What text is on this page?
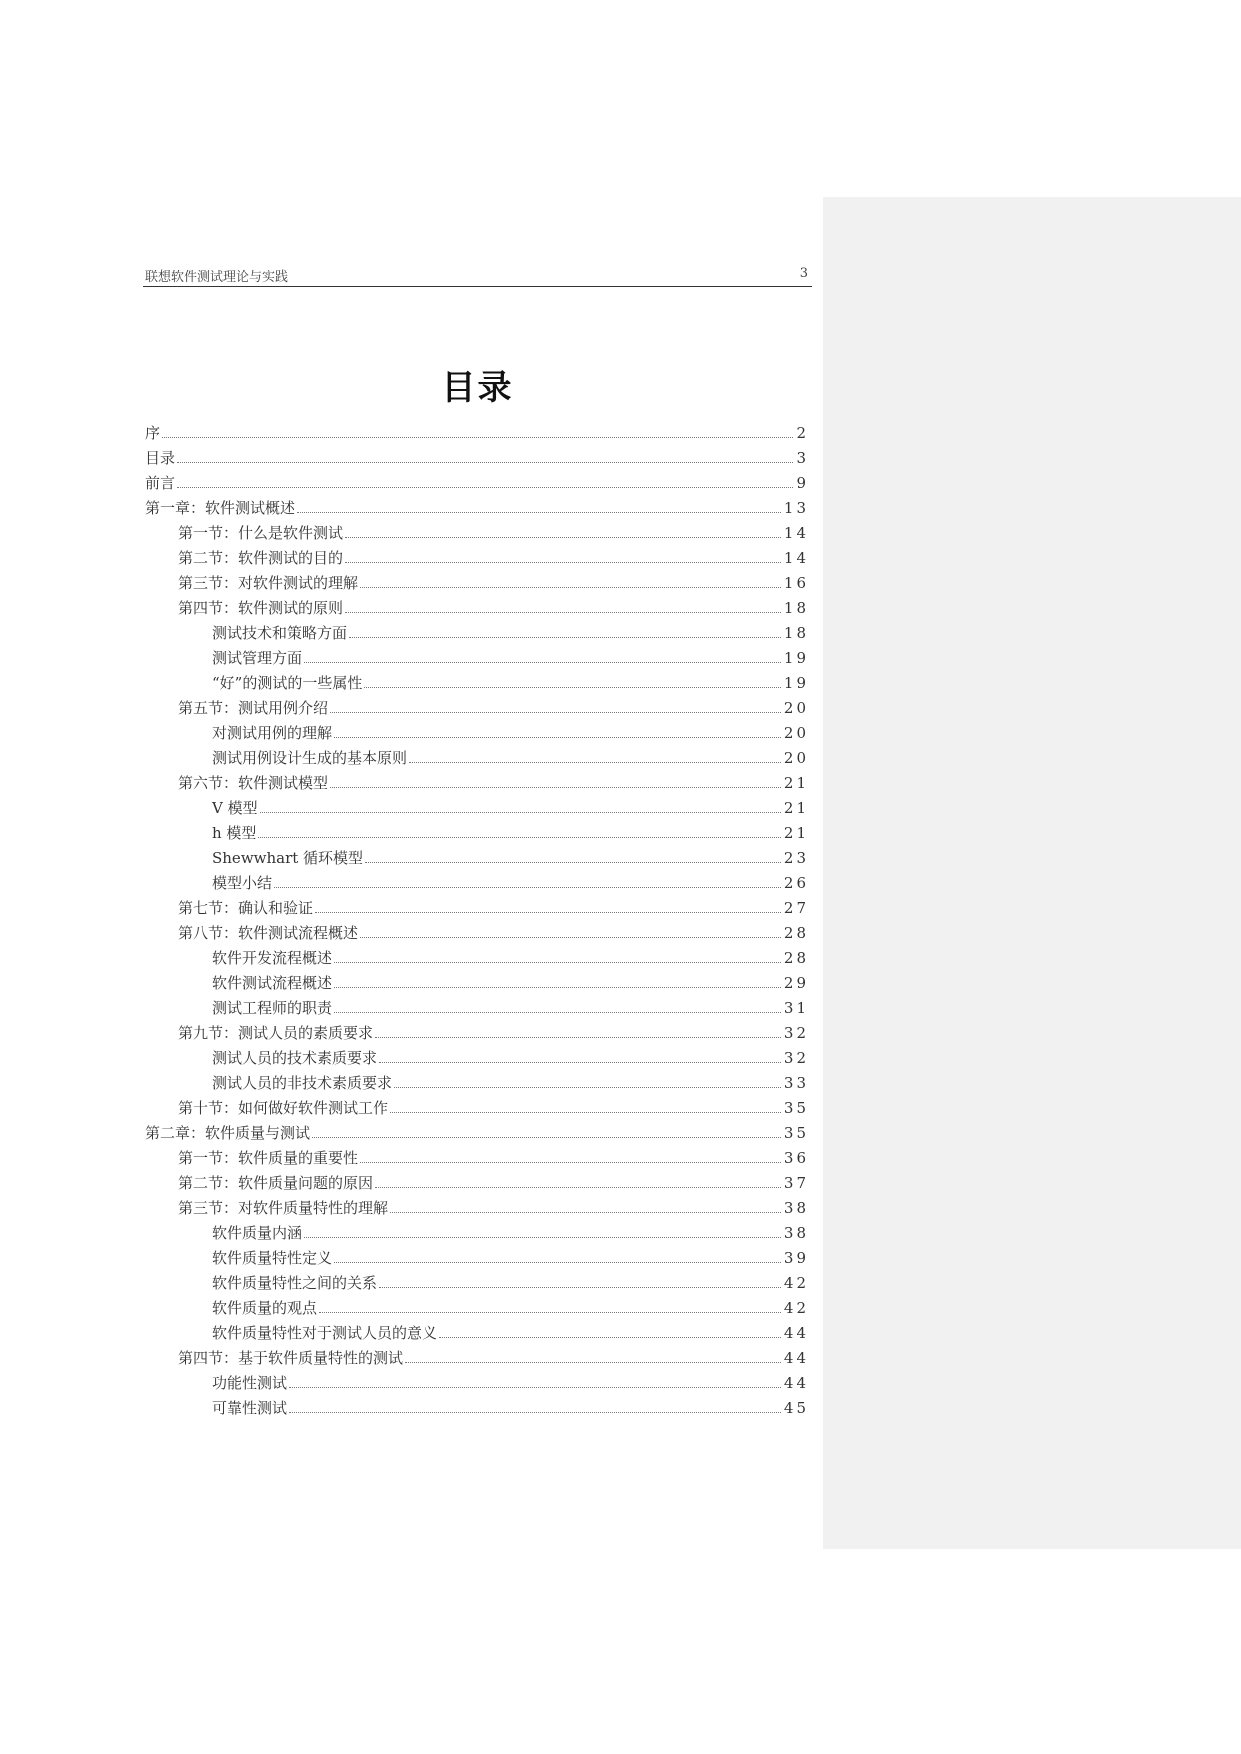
联想软件测试理论与实践	3
目录
序	2
目录	3
前言	9
第一章：软件测试概述	13
第一节：什么是软件测试	14
第二节：软件测试的目的	14
第三节：对软件测试的理解	16
第四节：软件测试的原则	18
测试技术和策略方面	18
测试管理方面	19
“好”的测试的一些属性	19
第五节：测试用例介绍	20
对测试用例的理解	20
测试用例设计生成的基本原则	20
第六节：软件测试模型	21
V 模型	21
h 模型	21
Shewwhart 循环模型	23
模型小结	26
第七节：确认和验证	27
第八节：软件测试流程概述	28
软件开发流程概述	28
软件测试流程概述	29
测试工程师的职责	31
第九节：测试人员的素质要求	32
测试人员的技术素质要求	32
测试人员的非技术素质要求	33
第十节：如何做好软件测试工作	35
第二章：软件质量与测试	35
第一节：软件质量的重要性	36
第二节：软件质量问题的原因	37
第三节：对软件质量特性的理解	38
软件质量内涵	38
软件质量特性定义	39
软件质量特性之间的关系	42
软件质量的观点	42
软件质量特性对于测试人员的意义	44
第四节：基于软件质量特性的测试	44
功能性测试	44
可靠性测试	45
